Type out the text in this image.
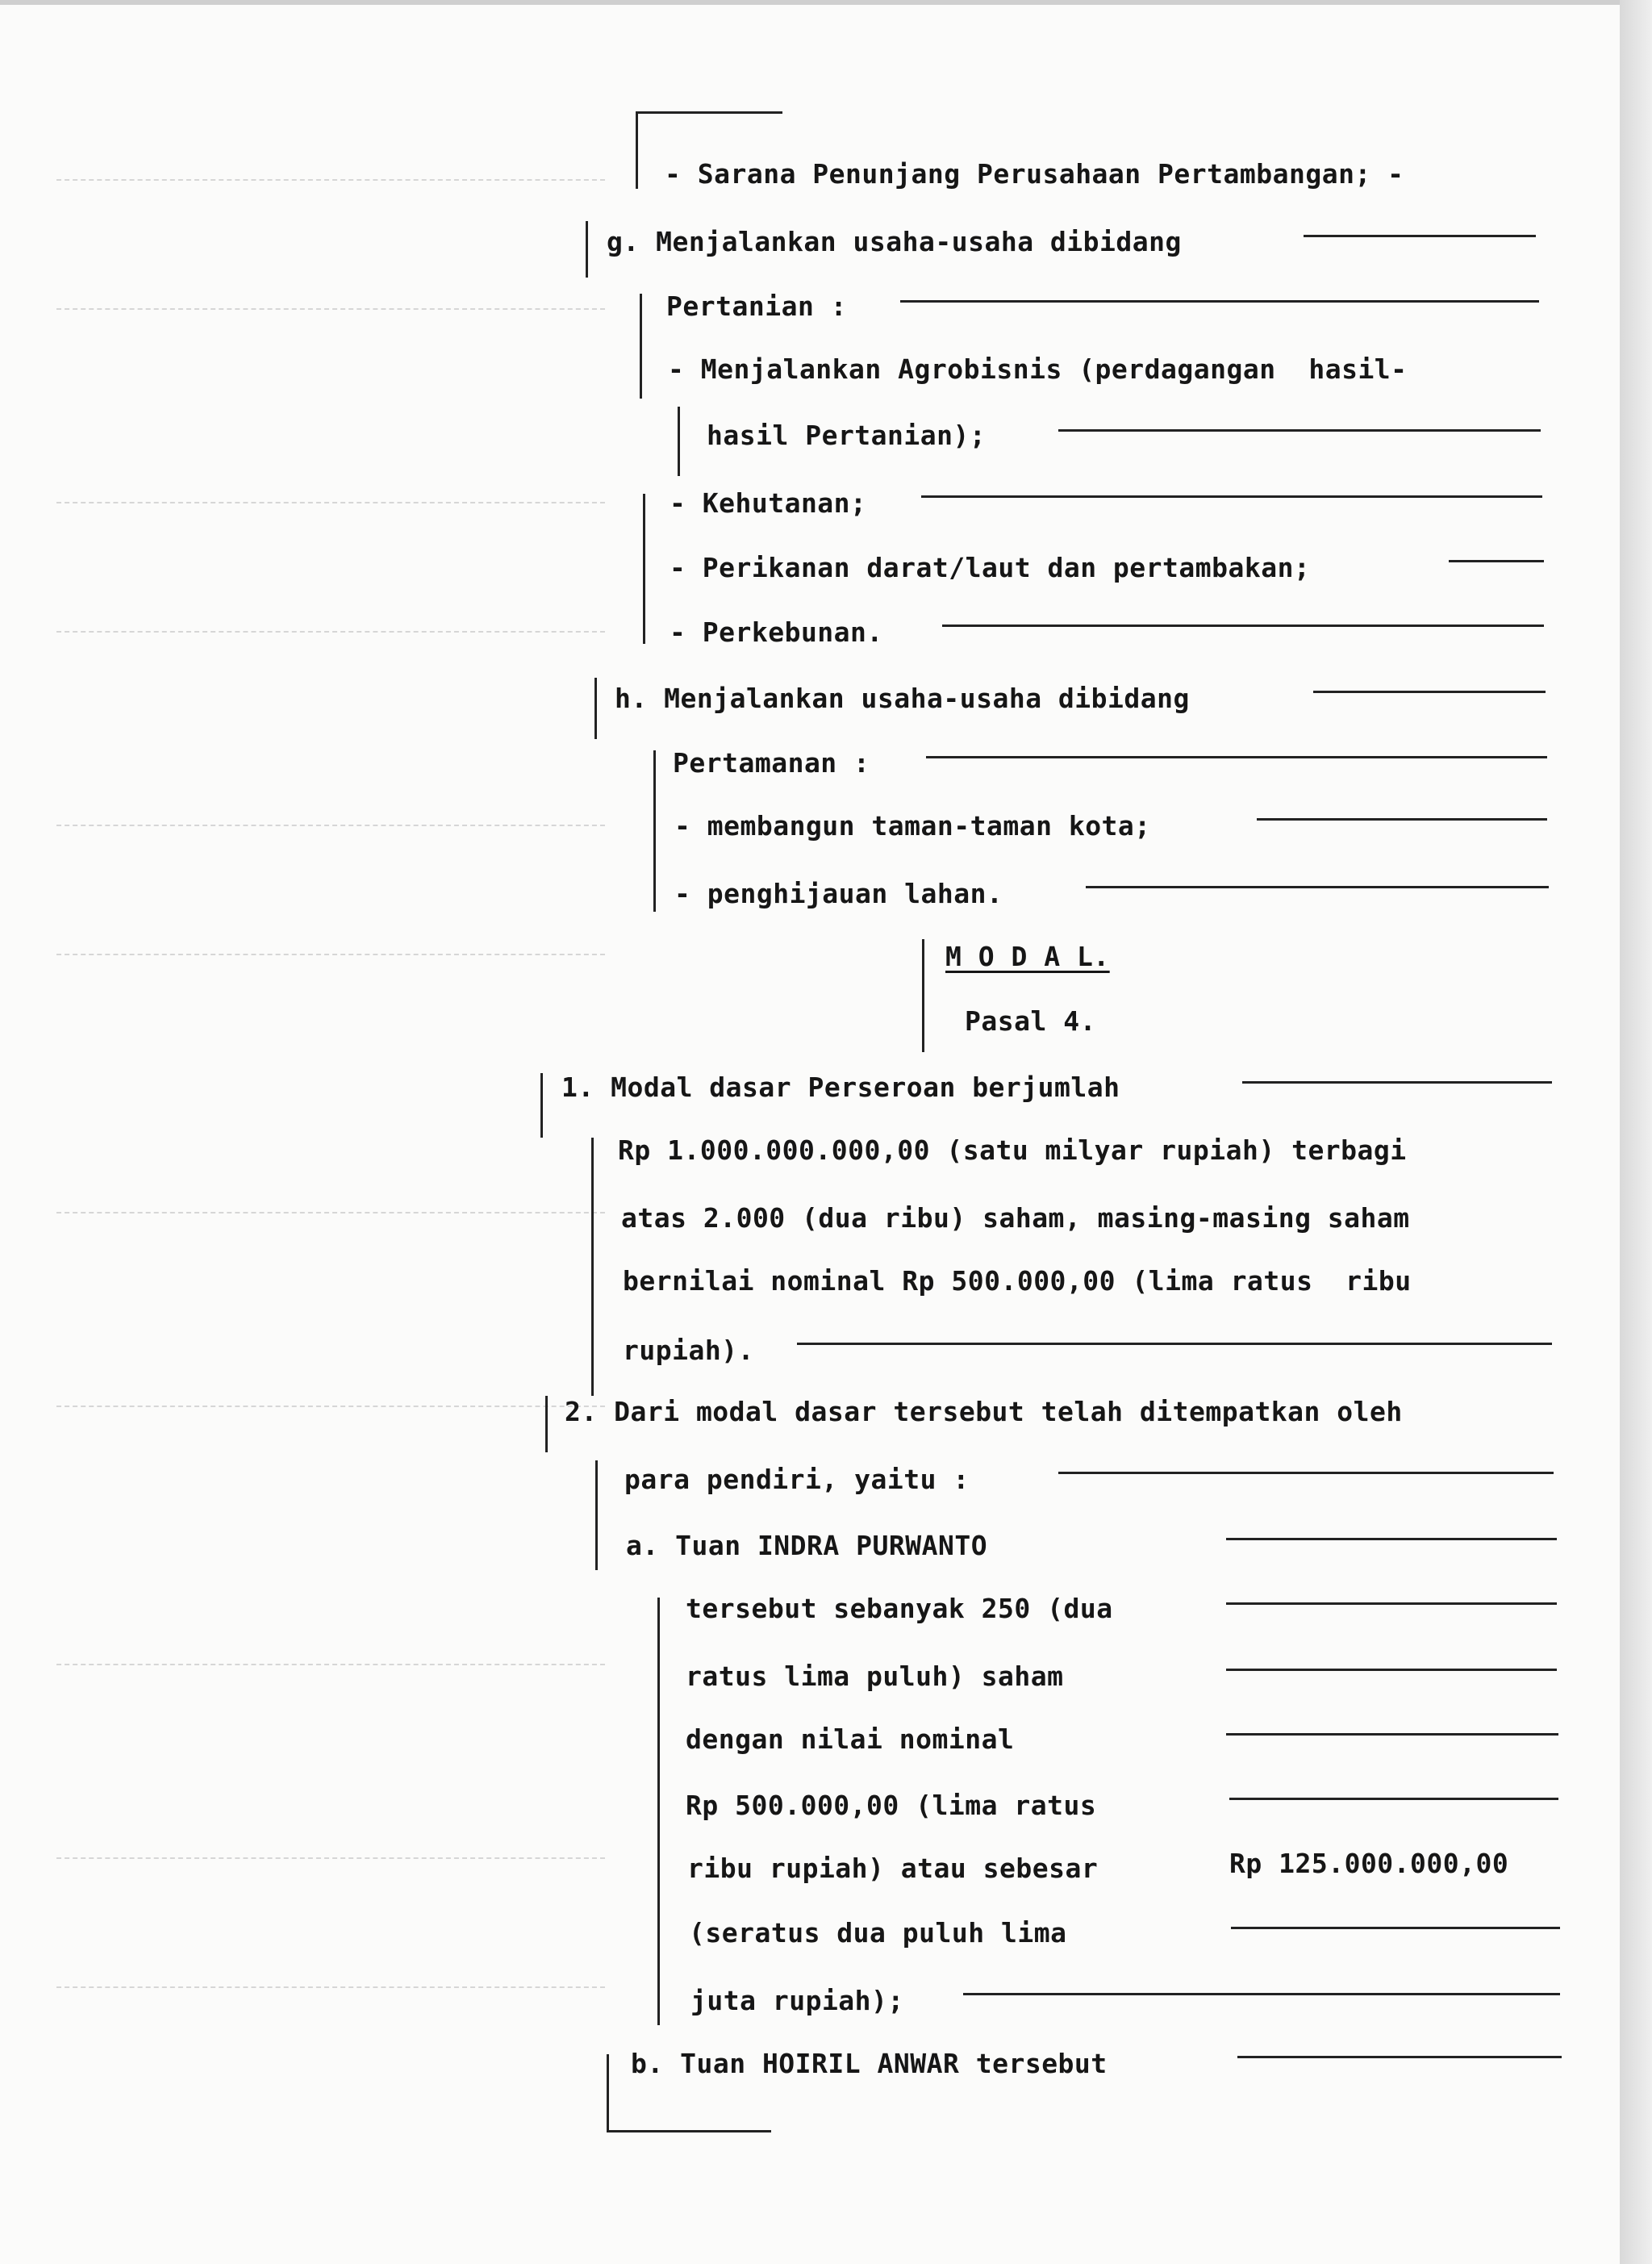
- Sarana Penunjang Perusahaan Pertambangan; -
g. Menjalankan usaha-usaha dibidang
Pertanian :
- Menjalankan Agrobisnis (perdagangan  hasil-
hasil Pertanian);
- Kehutanan;
- Perikanan darat/laut dan pertambakan;
- Perkebunan.
h. Menjalankan usaha-usaha dibidang
Pertamanan :
- membangun taman-taman kota;
- penghijauan lahan.
M O D A L.
Pasal 4.
1. Modal dasar Perseroan berjumlah
Rp 1.000.000.000,00 (satu milyar rupiah) terbagi
atas 2.000 (dua ribu) saham, masing-masing saham
bernilai nominal Rp 500.000,00 (lima ratus  ribu
rupiah).
2. Dari modal dasar tersebut telah ditempatkan oleh
para pendiri, yaitu :
a. Tuan INDRA PURWANTO
tersebut sebanyak 250 (dua
ratus lima puluh) saham
dengan nilai nominal
Rp 500.000,00 (lima ratus
ribu rupiah) atau sebesar	Rp 125.000.000,00
(seratus dua puluh lima
juta rupiah);
b. Tuan HOIRIL ANWAR tersebut
